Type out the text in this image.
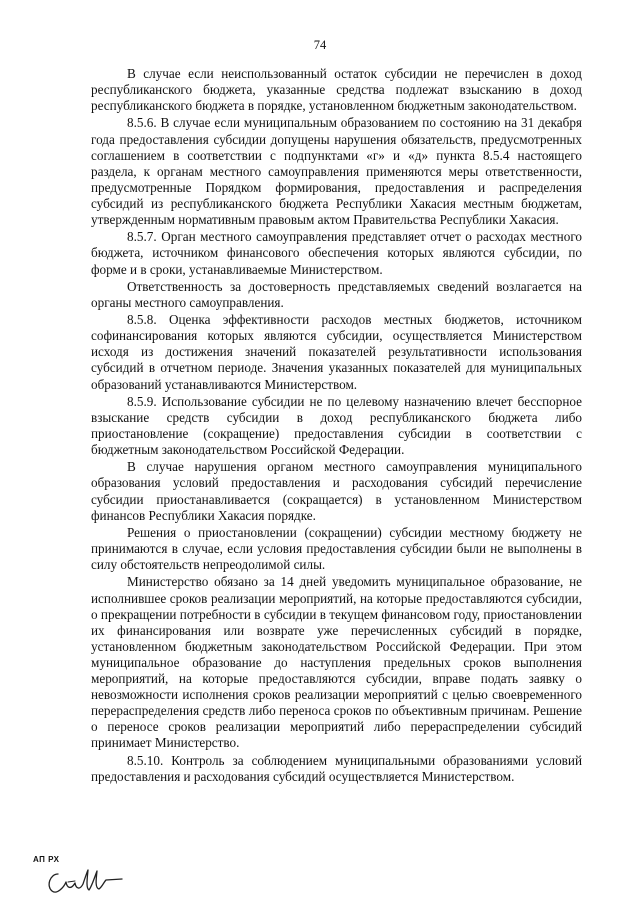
74

В случае если неиспользованный остаток субсидии не перечислен в доход республиканского бюджета, указанные средства подлежат взысканию в доход республиканского бюджета в порядке, установленном бюджетным законодательством.

8.5.6. В случае если муниципальным образованием по состоянию на 31 декабря года предоставления субсидии допущены нарушения обязательств, предусмотренных соглашением в соответствии с подпунктами «г» и «д» пункта 8.5.4 настоящего раздела, к органам местного самоуправления применяются меры ответственности, предусмотренные Порядком формирования, предоставления и распределения субсидий из республиканского бюджета Республики Хакасия местным бюджетам, утвержденным нормативным правовым актом Правительства Республики Хакасия.

8.5.7. Орган местного самоуправления представляет отчет о расходах местного бюджета, источником финансового обеспечения которых являются субсидии, по форме и в сроки, устанавливаемые Министерством.

Ответственность за достоверность представляемых сведений возлагается на органы местного самоуправления.

8.5.8. Оценка эффективности расходов местных бюджетов, источником софинансирования которых являются субсидии, осуществляется Министерством исходя из достижения значений показателей результативности использования субсидий в отчетном периоде. Значения указанных показателей для муниципальных образований устанавливаются Министерством.

8.5.9. Использование субсидии не по целевому назначению влечет бесспорное взыскание средств субсидии в доход республиканского бюджета либо приостановление (сокращение) предоставления субсидии в соответствии с бюджетным законодательством Российской Федерации.

В случае нарушения органом местного самоуправления муниципального образования условий предоставления и расходования субсидий перечисление субсидии приостанавливается (сокращается) в установленном Министерством финансов Республики Хакасия порядке.

Решения о приостановлении (сокращении) субсидии местному бюджету не принимаются в случае, если условия предоставления субсидии были не выполнены в силу обстоятельств непреодолимой силы.

Министерство обязано за 14 дней уведомить муниципальное образование, не исполнившее сроков реализации мероприятий, на которые предоставляются субсидии, о прекращении потребности в субсидии в текущем финансовом году, приостановлении их финансирования или возврате уже перечисленных субсидий в порядке, установленном бюджетным законодательством Российской Федерации. При этом муниципальное образование до наступления предельных сроков выполнения мероприятий, на которые предоставляются субсидии, вправе подать заявку о невозможности исполнения сроков реализации мероприятий с целью своевременного перераспределения средств либо переноса сроков по объективным причинам. Решение о переносе сроков реализации мероприятий либо перераспределении субсидий принимает Министерство.

8.5.10. Контроль за соблюдением муниципальными образованиями условий предоставления и расходования субсидий осуществляется Министерством.

АП РХ
